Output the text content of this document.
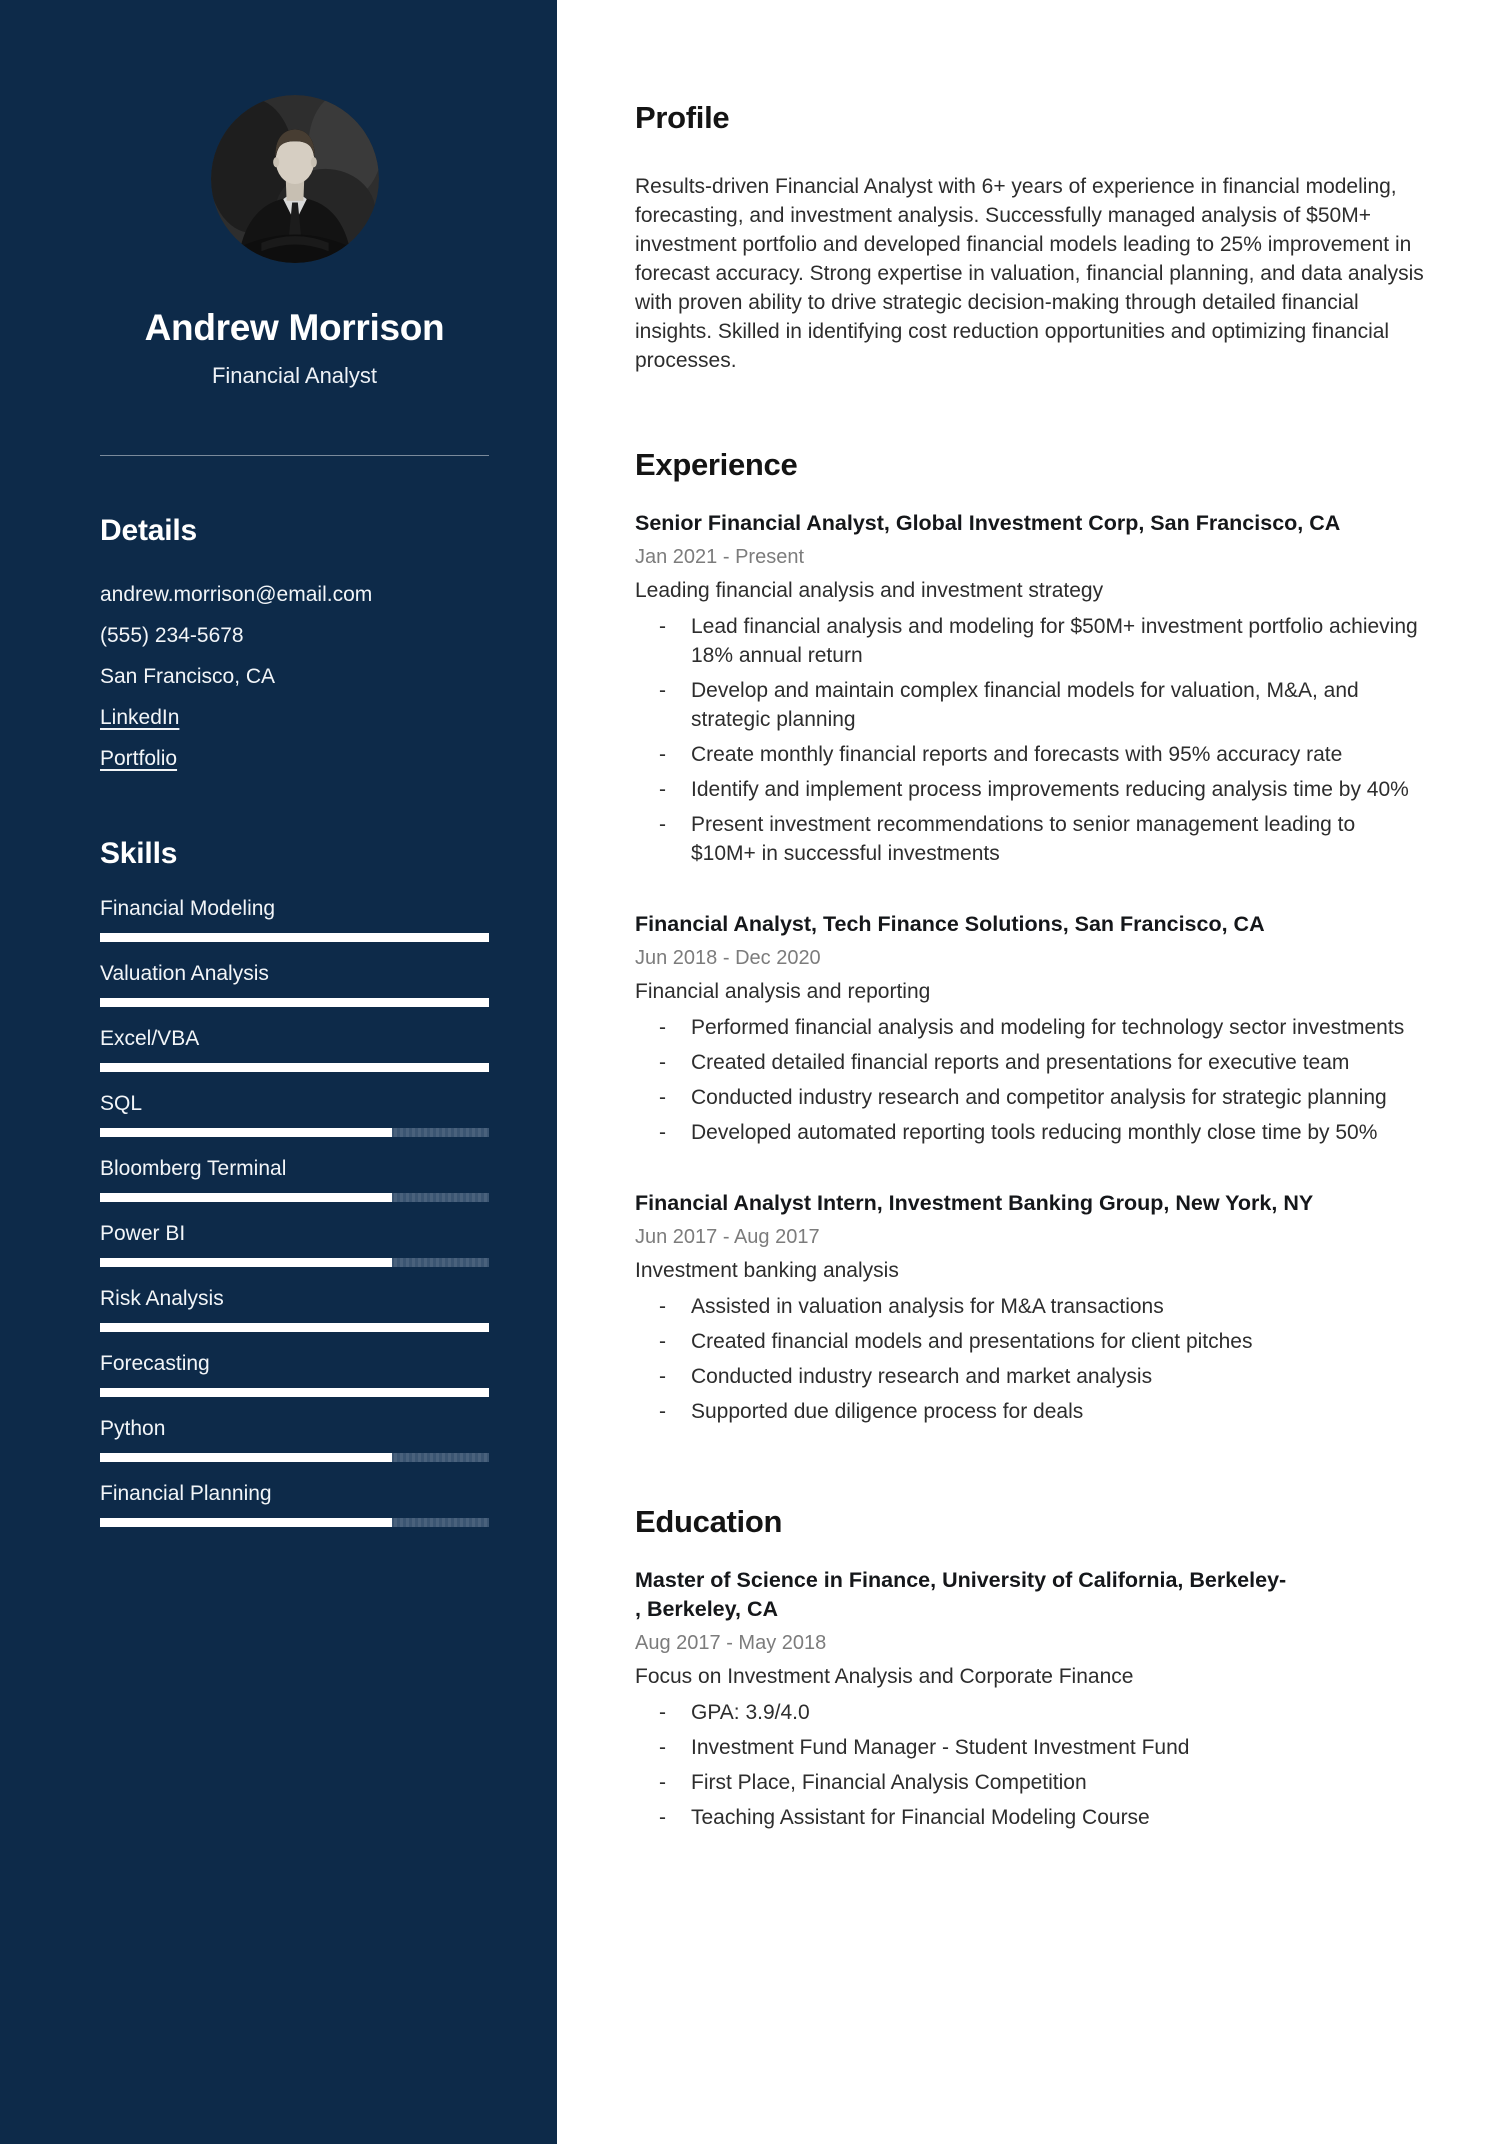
Andrew Morrison
Financial Analyst
Details
andrew.morrison@email.com
(555) 234-5678
San Francisco, CA
LinkedIn
Portfolio
Skills
Financial Modeling
Valuation Analysis
Excel/VBA
SQL
Bloomberg Terminal
Power BI
Risk Analysis
Forecasting
Python
Financial Planning
Profile

Results-driven Financial Analyst with 6+ years of experience in financial modeling, forecasting, and investment analysis. Successfully managed analysis of $50M+ investment portfolio and developed financial models leading to 25% improvement in forecast accuracy. Strong expertise in valuation, financial planning, and data analysis with proven ability to drive strategic decision-making through detailed financial insights. Skilled in identifying cost reduction opportunities and optimizing financial processes.

Experience
Senior Financial Analyst, Global Investment Corp, San Francisco, CA
Jan 2021 - Present
Leading financial analysis and investment strategy
- Lead financial analysis and modeling for $50M+ investment portfolio achieving 18% annual return
- Develop and maintain complex financial models for valuation, M&A, and strategic planning
- Create monthly financial reports and forecasts with 95% accuracy rate
- Identify and implement process improvements reducing analysis time by 40%
- Present investment recommendations to senior management leading to $10M+ in successful investments
Financial Analyst, Tech Finance Solutions, San Francisco, CA
Jun 2018 - Dec 2020
Financial analysis and reporting
- Performed financial analysis and modeling for technology sector investments
- Created detailed financial reports and presentations for executive team
- Conducted industry research and competitor analysis for strategic planning
- Developed automated reporting tools reducing monthly close time by 50%
Financial Analyst Intern, Investment Banking Group, New York, NY
Jun 2017 - Aug 2017
Investment banking analysis
- Assisted in valuation analysis for M&A transactions
- Created financial models and presentations for client pitches
- Conducted industry research and market analysis
- Supported due diligence process for deals
Education
Master of Science in Finance, University of California, Berkeley-
, Berkeley, CA
Aug 2017 - May 2018
Focus on Investment Analysis and Corporate Finance
- GPA: 3.9/4.0
- Investment Fund Manager - Student Investment Fund
- First Place, Financial Analysis Competition
- Teaching Assistant for Financial Modeling Course
